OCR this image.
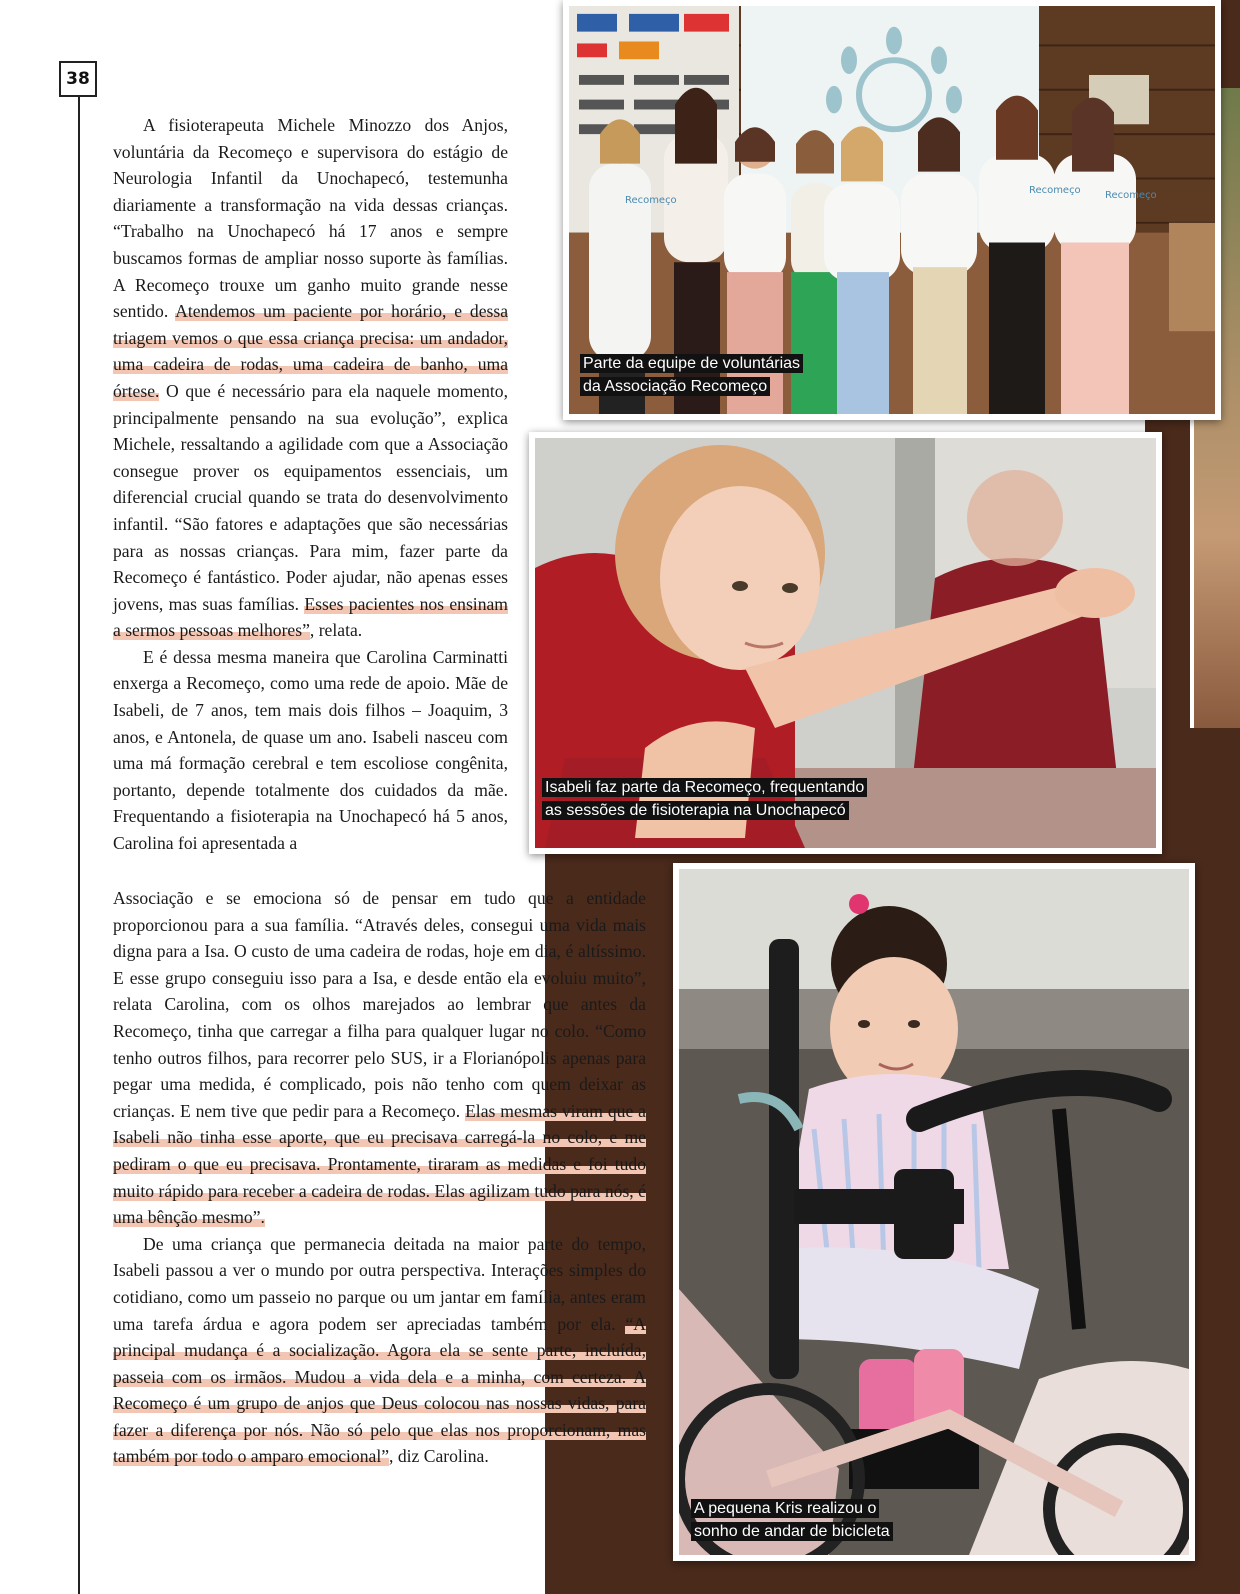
38

A fisioterapeuta Michele Minozzo dos Anjos, voluntária da Recomeço e supervisora do estágio de Neurologia Infantil da Unochapecó, testemunha diariamente a transformação na vida dessas crianças. “Trabalho na Unochapecó há 17 anos e sempre buscamos formas de ampliar nosso suporte às famílias. A Recomeço trouxe um ganho muito grande nesse sentido. Atendemos um paciente por horário, e dessa triagem vemos o que essa criança precisa: um andador, uma cadeira de rodas, uma cadeira de banho, uma órtese. O que é necessário para ela naquele momento, principalmente pensando na sua evolução”, explica Michele, ressaltando a agilidade com que a Associação consegue prover os equipamentos essenciais, um diferencial crucial quando se trata do desenvolvimento infantil. “São fatores e adaptações que são necessárias para as nossas crianças. Para mim, fazer parte da Recomeço é fantástico. Poder ajudar, não apenas esses jovens, mas suas famílias. Esses pacientes nos ensinam a sermos pessoas melhores”, relata.

E é dessa mesma maneira que Carolina Carminatti enxerga a Recomeço, como uma rede de apoio. Mãe de Isabeli, de 7 anos, tem mais dois filhos – Joaquim, 3 anos, e Antonela, de quase um ano. Isabeli nasceu com uma má formação cerebral e tem escoliose congênita, portanto, depende totalmente dos cuidados da mãe. Frequentando a fisioterapia na Unochapecó há 5 anos, Carolina foi apresentada a

Associação e se emociona só de pensar em tudo que a entidade proporcionou para a sua família. “Através deles, consegui uma vida mais digna para a Isa. O custo de uma cadeira de rodas, hoje em dia, é altíssimo. E esse grupo conseguiu isso para a Isa, e desde então ela evoluiu muito”, relata Carolina, com os olhos marejados ao lembrar que antes da Recomeço, tinha que carregar a filha para qualquer lugar no colo. “Como tenho outros filhos, para recorrer pelo SUS, ir a Florianópolis apenas para pegar uma medida, é complicado, pois não tenho com quem deixar as crianças. E nem tive que pedir para a Recomeço. Elas mesmas viram que a Isabeli não tinha esse aporte, que eu precisava carregá-la no colo, e me pediram o que eu precisava. Prontamente, tiraram as medidas e foi tudo muito rápido para receber a cadeira de rodas. Elas agilizam tudo para nós, é uma bênção mesmo”.

De uma criança que permanecia deitada na maior parte do tempo, Isabeli passou a ver o mundo por outra perspectiva. Interações simples do cotidiano, como um passeio no parque ou um jantar em família, antes eram uma tarefa árdua e agora podem ser apreciadas também por ela. “A principal mudança é a socialização. Agora ela se sente parte, incluída, passeia com os irmãos. Mudou a vida dela e a minha, com certeza. A Recomeço é um grupo de anjos que Deus colocou nas nossas vidas, para fazer a diferença por nós. Não só pelo que elas nos proporcionam, mas também por todo o amparo emocional”, diz Carolina.

Recomeço
Recomeço Recomeço
Parte da equipe de voluntárias
da Associação Recomeço
Isabeli faz parte da Recomeço, frequentando
as sessões de fisioterapia na Unochapecó
A pequena Kris realizou o
sonho de andar de bicicleta
